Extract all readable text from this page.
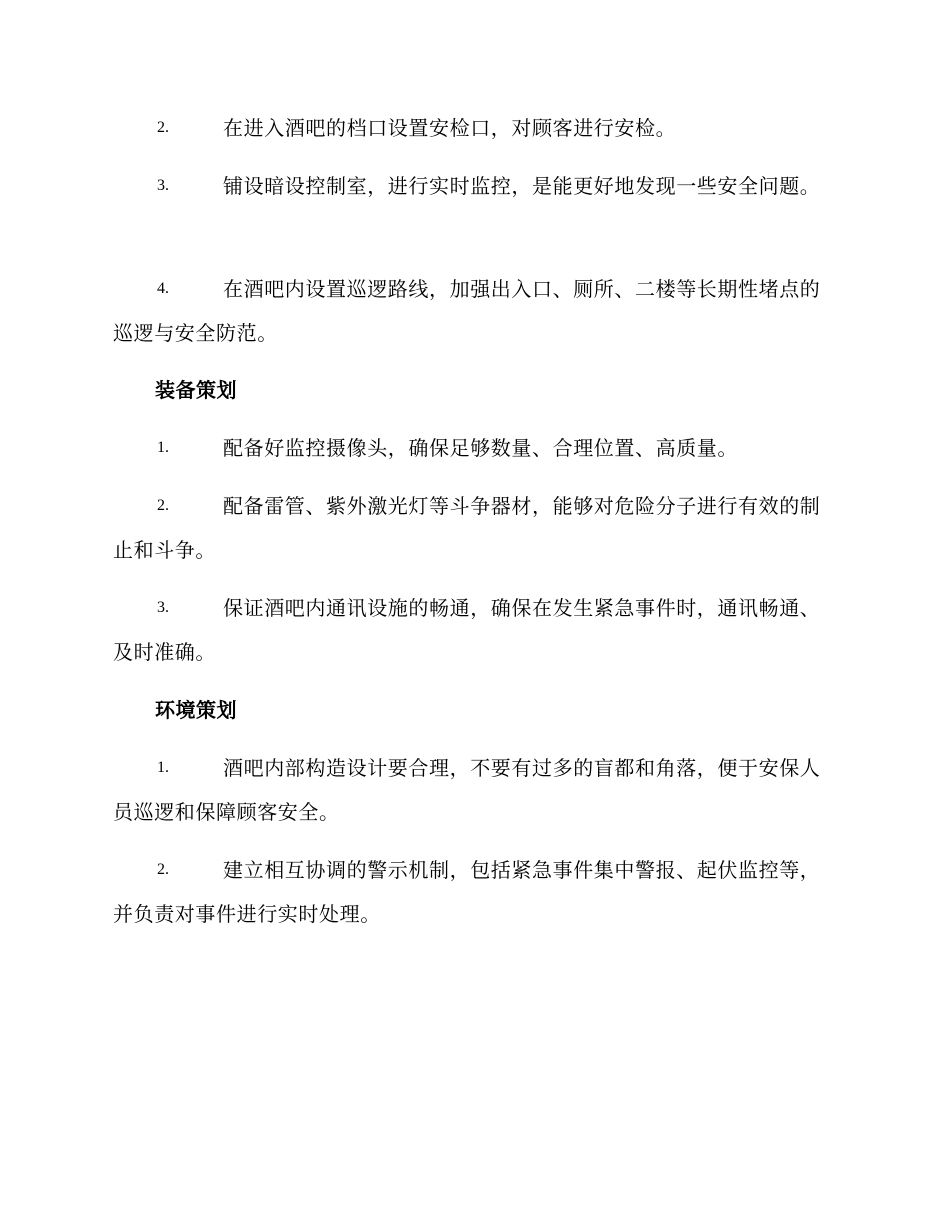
2.	在进入酒吧的档口设置安检口，对顾客进行安检。
3.	铺设暗设控制室，进行实时监控，是能更好地发现一些安全问题。
4.	在酒吧内设置巡逻路线，加强出入口、厕所、二楼等长期性堵点的巡逻与安全防范。
装备策划
1.	配备好监控摄像头，确保足够数量、合理位置、高质量。
2.	配备雷管、紫外激光灯等斗争器材，能够对危险分子进行有效的制止和斗争。
3.	保证酒吧内通讯设施的畅通，确保在发生紧急事件时，通讯畅通、及时准确。
环境策划
1.	酒吧内部构造设计要合理，不要有过多的盲都和角落，便于安保人员巡逻和保障顾客安全。
2.	建立相互协调的警示机制，包括紧急事件集中警报、起伏监控等，并负责对事件进行实时处理。
